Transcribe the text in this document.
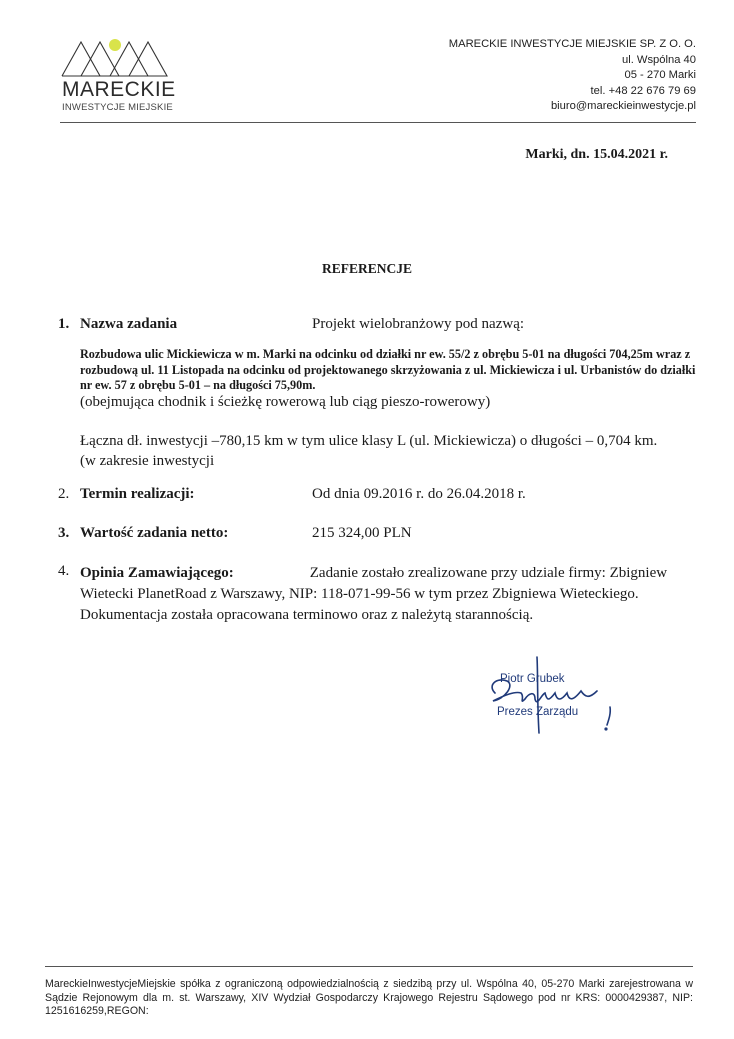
MARECKIE
INWESTYCJE MIEJSKIE
MARECKIE INWESTYCJE MIEJSKIE SP. Z O. O.
ul. Wspólna 40
05 - 270 Marki
tel. +48 22 676 79 69
biuro@mareckieinwestycje.pl
Marki, dn. 15.04.2021 r.
REFERENCJE
1. Nazwa zadania	Projekt wielobranżowy pod nazwą:
Rozbudowa ulic Mickiewicza w m. Marki na odcinku od działki nr ew. 55/2 z obrębu 5-01 na długości 704,25m wraz z rozbudową ul. 11 Listopada na odcinku od projektowanego skrzyżowania z ul. Mickiewicza i ul. Urbanistów do działki nr ew. 57 z obrębu 5-01 – na długości 75,90m.
(obejmująca chodnik i ścieżkę rowerową lub ciąg pieszo-rowerowy)
Łączna dł. inwestycji –780,15 km w tym ulice klasy L (ul. Mickiewicza) o długości – 0,704 km.
(w zakresie inwestycji
2. Termin realizacji:	Od dnia 09.2016 r. do 26.04.2018 r.
3. Wartość zadania netto:	215 324,00 PLN
4. Opinia Zamawiającego:	Zadanie zostało zrealizowane przy udziale firmy: Zbigniew Wietecki PlanetRoad z Warszawy, NIP: 118-071-99-56 w tym przez Zbigniewa Wieteckiego. Dokumentacja została opracowana terminowo oraz z należytą starannością.
Piotr Grubek
Prezes Zarządu
MareckieInwestycjeMiejskie spółka z ograniczoną odpowiedzialnością z siedzibą przy ul. Wspólna 40, 05-270 Marki zarejestrowana w Sądzie Rejonowym dla m. st. Warszawy, XIV Wydział Gospodarczy Krajowego Rejestru Sądowego pod nr KRS: 0000429387, NIP: 1251616259,REGON:
